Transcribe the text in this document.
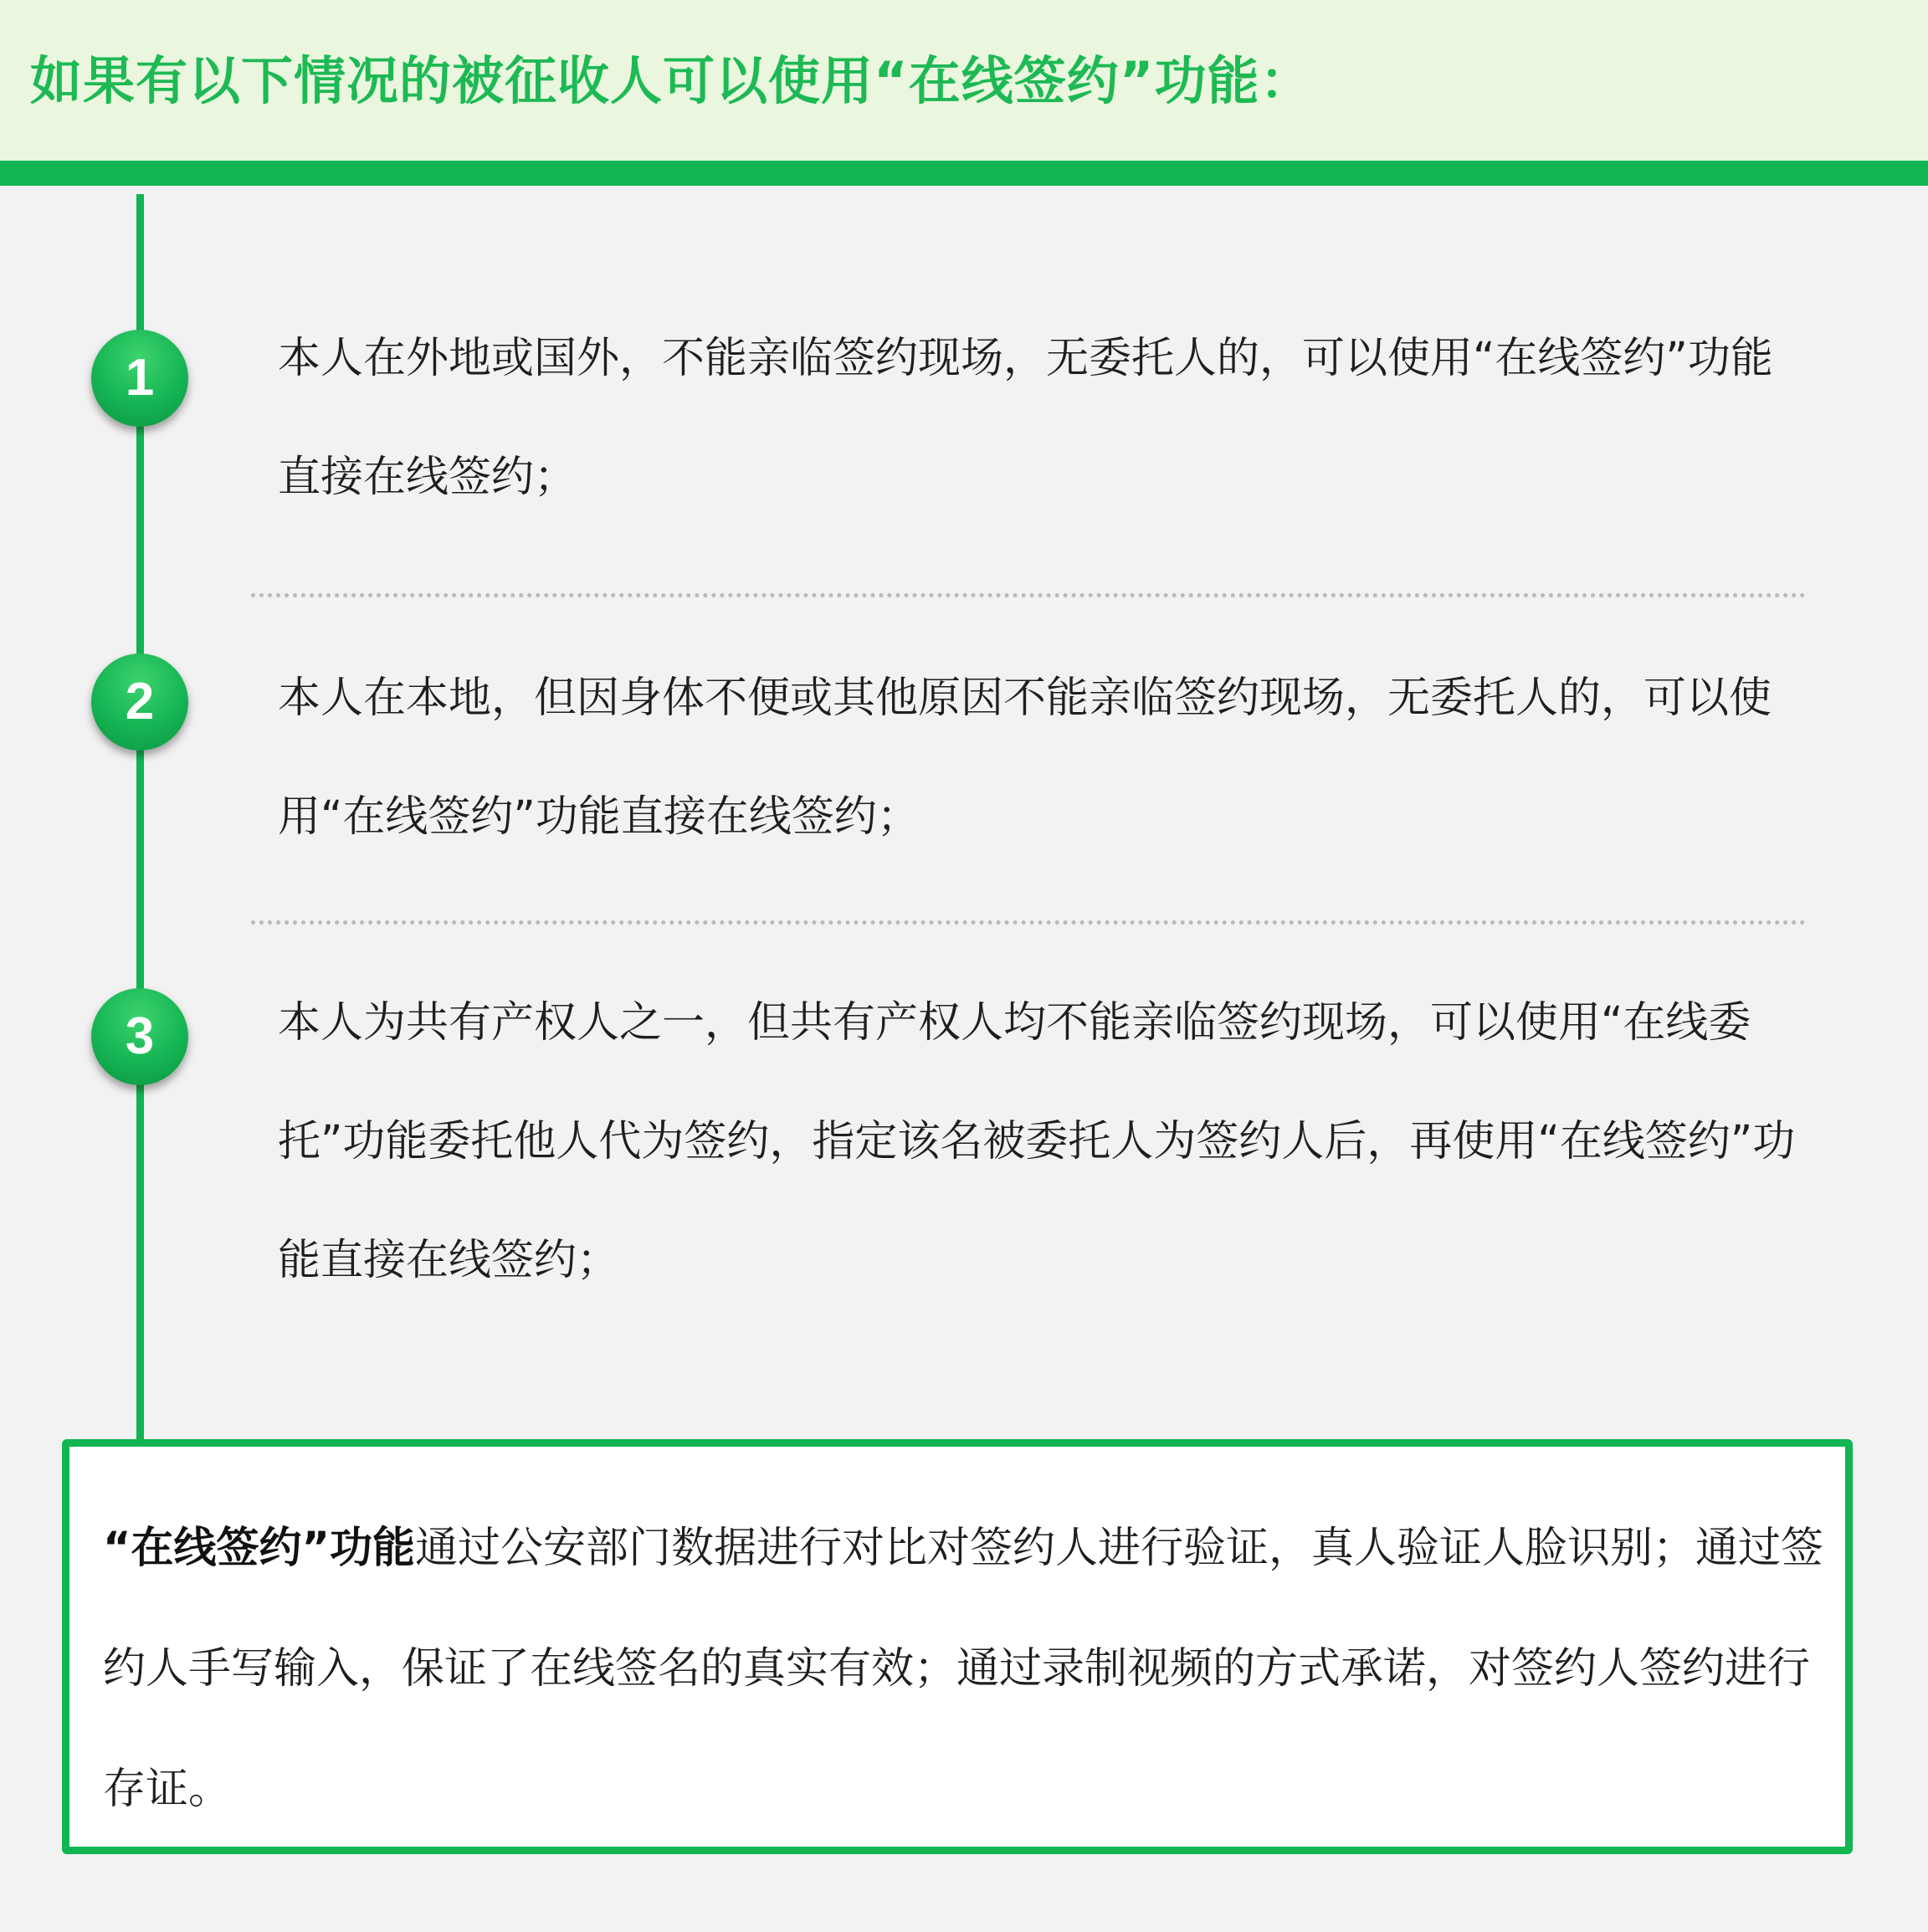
如果有以下情况的被征收人可以使用“在线签约”功能：
1	本人在外地或国外，不能亲临签约现场，无委托人的，可以使用“在线签约”功能直接在线签约；

2	本人在本地，但因身体不便或其他原因不能亲临签约现场，无委托人的，可以使用“在线签约”功能直接在线签约；

3	本人为共有产权人之一，但共有产权人均不能亲临签约现场，可以使用“在线委托”功能委托他人代为签约，指定该名被委托人为签约人后，再使用“在线签约”功能直接在线签约；

“在线签约”功能通过公安部门数据进行对比对签约人进行验证，真人验证人脸识别；通过签约人手写输入，保证了在线签名的真实有效；通过录制视频的方式承诺，对签约人签约进行存证。
